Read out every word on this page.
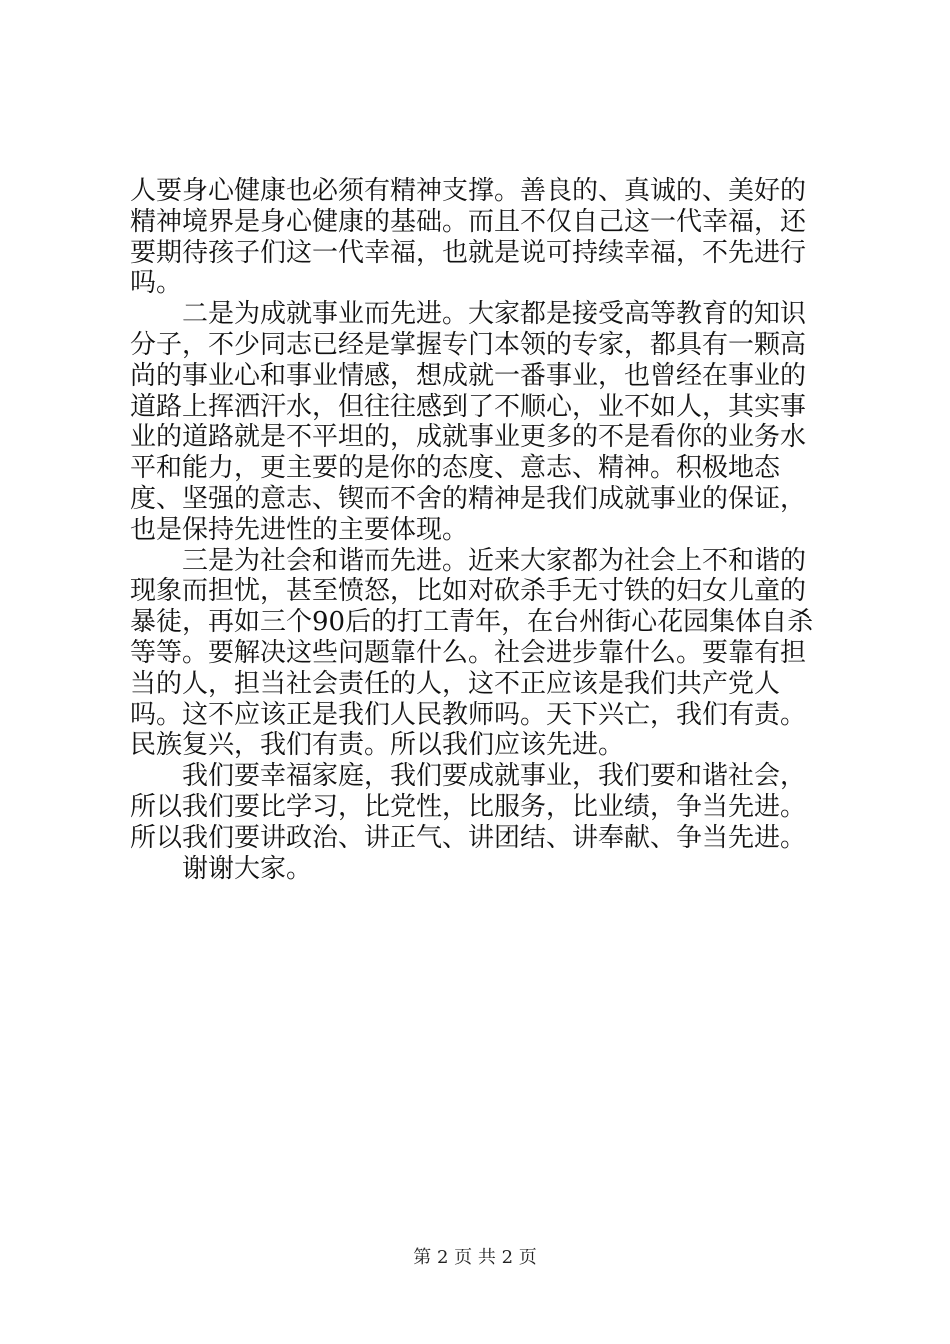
人要身心健康也必须有精神支撑。善良的、真诚的、美好的精神境界是身心健康的基础。而且不仅自己这一代幸福，还要期待孩子们这一代幸福，也就是说可持续幸福，不先进行吗。

二是为成就事业而先进。大家都是接受高等教育的知识分子，不少同志已经是掌握专门本领的专家，都具有一颗高尚的事业心和事业情感，想成就一番事业，也曾经在事业的道路上挥洒汗水，但往往感到了不顺心，业不如人，其实事业的道路就是不平坦的，成就事业更多的不是看你的业务水平和能力，更主要的是你的态度、意志、精神。积极地态度、坚强的意志、锲而不舍的精神是我们成就事业的保证，也是保持先进性的主要体现。

三是为社会和谐而先进。近来大家都为社会上不和谐的现象而担忧，甚至愤怒，比如对砍杀手无寸铁的妇女儿童的暴徒，再如三个90后的打工青年，在台州街心花园集体自杀等等。要解决这些问题靠什么。社会进步靠什么。要靠有担当的人，担当社会责任的人，这不正应该是我们共产党人吗。这不应该正是我们人民教师吗。天下兴亡，我们有责。民族复兴，我们有责。所以我们应该先进。

我们要幸福家庭，我们要成就事业，我们要和谐社会，所以我们要比学习，比党性，比服务，比业绩，争当先进。所以我们要讲政治、讲正气、讲团结、讲奉献、争当先进。

谢谢大家。

第 2 页 共 2 页
